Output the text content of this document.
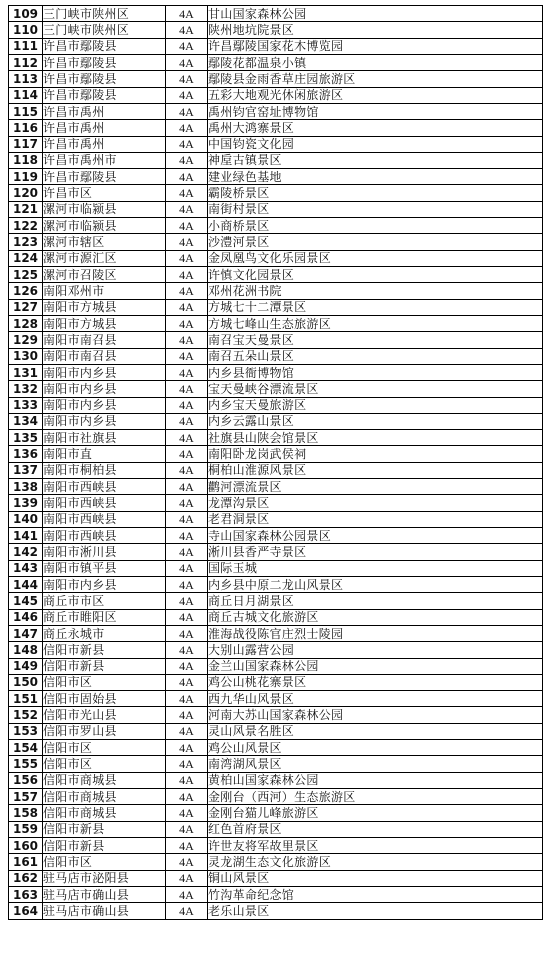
109	三门峡市陕州区	4A	甘山国家森林公园
110	三门峡市陕州区	4A	陕州地坑院景区
111	许昌市鄢陵县	4A	许昌鄢陵国家花木博览园
112	许昌市鄢陵县	4A	鄢陵花都温泉小镇
113	许昌市鄢陵县	4A	鄢陵县金雨香草庄园旅游区
114	许昌市鄢陵县	4A	五彩大地观光休闲旅游区
115	许昌市禹州	4A	禹州钧官窑址博物馆
116	许昌市禹州	4A	禹州大鸿寨景区
117	许昌市禹州	4A	中国钧瓷文化园
118	许昌市禹州市	4A	神垕古镇景区
119	许昌市鄢陵县	4A	建业绿色基地
120	许昌市区	4A	霸陵桥景区
121	漯河市临颍县	4A	南街村景区
122	漯河市临颍县	4A	小商桥景区
123	漯河市辖区	4A	沙澧河景区
124	漯河市源汇区	4A	金凤凰鸟文化乐园景区
125	漯河市召陵区	4A	许慎文化园景区
126	南阳邓州市	4A	邓州花洲书院
127	南阳市方城县	4A	方城七十二潭景区
128	南阳市方城县	4A	方城七峰山生态旅游区
129	南阳市南召县	4A	南召宝天曼景区
130	南阳市南召县	4A	南召五朵山景区
131	南阳市内乡县	4A	内乡县衙博物馆
132	南阳市内乡县	4A	宝天曼峡谷漂流景区
133	南阳市内乡县	4A	内乡宝天曼旅游区
134	南阳市内乡县	4A	内乡云露山景区
135	南阳市社旗县	4A	社旗县山陕会馆景区
136	南阳市直	4A	南阳卧龙岗武侯祠
137	南阳市桐柏县	4A	桐柏山淮源风景区
138	南阳市西峡县	4A	鹳河漂流景区
139	南阳市西峡县	4A	龙潭沟景区
140	南阳市西峡县	4A	老君洞景区
141	南阳市西峡县	4A	寺山国家森林公园景区
142	南阳市淅川县	4A	淅川县香严寺景区
143	南阳市镇平县	4A	国际玉城
144	南阳市内乡县	4A	内乡县中原二龙山风景区
145	商丘市市区	4A	商丘日月湖景区
146	商丘市睢阳区	4A	商丘古城文化旅游区
147	商丘永城市	4A	淮海战役陈官庄烈士陵园
148	信阳市新县	4A	大别山露营公园
149	信阳市新县	4A	金兰山国家森林公园
150	信阳市区	4A	鸡公山桃花寨景区
151	信阳市固始县	4A	西九华山风景区
152	信阳市光山县	4A	河南大苏山国家森林公园
153	信阳市罗山县	4A	灵山风景名胜区
154	信阳市区	4A	鸡公山风景区
155	信阳市区	4A	南湾湖风景区
156	信阳市商城县	4A	黄柏山国家森林公园
157	信阳市商城县	4A	金刚台（西河）生态旅游区
158	信阳市商城县	4A	金刚台猫儿峰旅游区
159	信阳市新县	4A	红色首府景区
160	信阳市新县	4A	许世友将军故里景区
161	信阳市区	4A	灵龙湖生态文化旅游区
162	驻马店市泌阳县	4A	铜山风景区
163	驻马店市确山县	4A	竹沟革命纪念馆
164	驻马店市确山县	4A	老乐山景区
